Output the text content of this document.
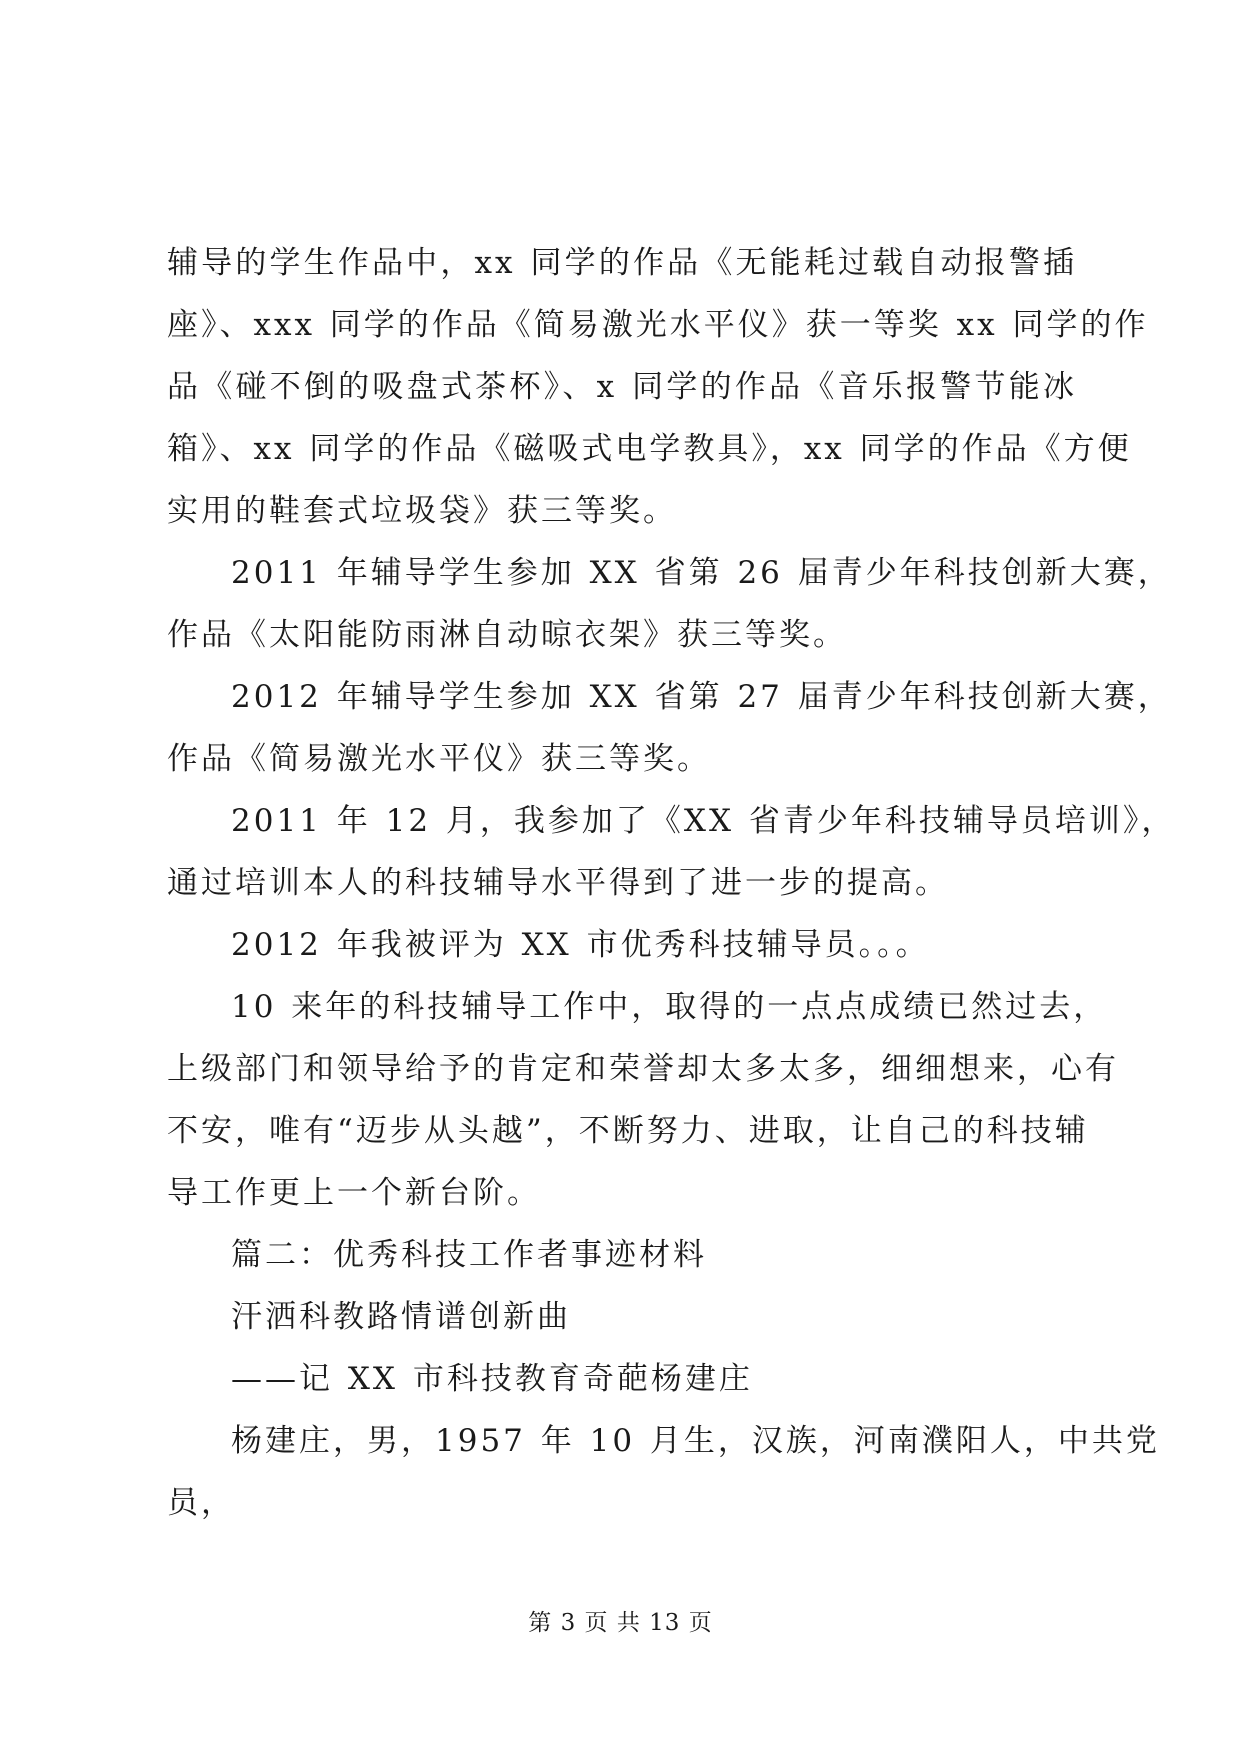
辅导的学生作品中，xx 同学的作品《无能耗过载自动报警插
座》、xxx 同学的作品《简易激光水平仪》获一等奖 xx 同学的作
品《碰不倒的吸盘式茶杯》、x 同学的作品《音乐报警节能冰
箱》、xx 同学的作品《磁吸式电学教具》，xx 同学的作品《方便
实用的鞋套式垃圾袋》获三等奖。
2011 年辅导学生参加 XX 省第 26 届青少年科技创新大赛，
作品《太阳能防雨淋自动晾衣架》获三等奖。
2012 年辅导学生参加 XX 省第 27 届青少年科技创新大赛，
作品《简易激光水平仪》获三等奖。
2011 年 12 月，我参加了《XX 省青少年科技辅导员培训》，
通过培训本人的科技辅导水平得到了进一步的提高。
2012 年我被评为 XX 市优秀科技辅导员。。。
10 来年的科技辅导工作中，取得的一点点成绩已然过去，
上级部门和领导给予的肯定和荣誉却太多太多，细细想来，心有
不安，唯有“迈步从头越”，不断努力、进取，让自己的科技辅
导工作更上一个新台阶。
篇二：优秀科技工作者事迹材料
汗洒科教路情谱创新曲
——记 XX 市科技教育奇葩杨建庄
杨建庄，男，1957 年 10 月生，汉族，河南濮阳人，中共党
员，
第 3 页 共 13 页
